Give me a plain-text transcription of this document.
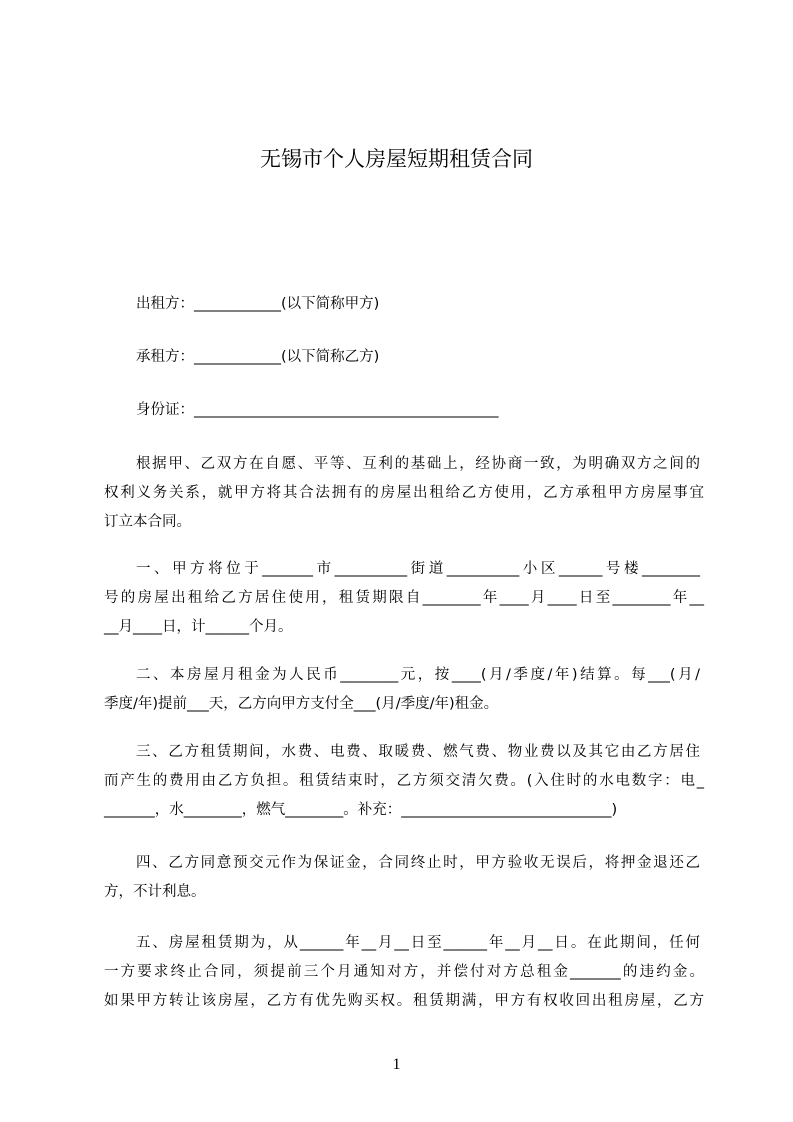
无锡市个人房屋短期租赁合同
出租方：____________(以下简称甲方)
承租方：____________(以下简称乙方)
身份证：__________________________________________
根据甲、乙双方在自愿、平等、互利的基础上，经协商一致，为明确双方之间的
权利义务关系，就甲方将其合法拥有的房屋出租给乙方使用，乙方承租甲方房屋事宜
订立本合同。
一、甲方将位于_______市__________街道__________小区______号楼________
号的房屋出租给乙方居住使用，租赁期限自________年____月____日至________年__
__月____日，计______个月。
二、本房屋月租金为人民币________元，按____(月/季度/年)结算。每___(月/
季度/年)提前___天，乙方向甲方支付全___(月/季度/年)租金。
三、乙方租赁期间，水费、电费、取暖费、燃气费、物业费以及其它由乙方居住
而产生的费用由乙方负担。租赁结束时，乙方须交清欠费。(入住时的水电数字：电_
_______，水________，燃气________。补充：_____________________________)
四、乙方同意预交元作为保证金，合同终止时，甲方验收无误后，将押金退还乙
方，不计利息。
五、房屋租赁期为，从______年__月__日至______年__月__日。在此期间，任何
一方要求终止合同，须提前三个月通知对方，并偿付对方总租金_______的违约金。
如果甲方转让该房屋，乙方有优先购买权。租赁期满，甲方有权收回出租房屋，乙方
1
